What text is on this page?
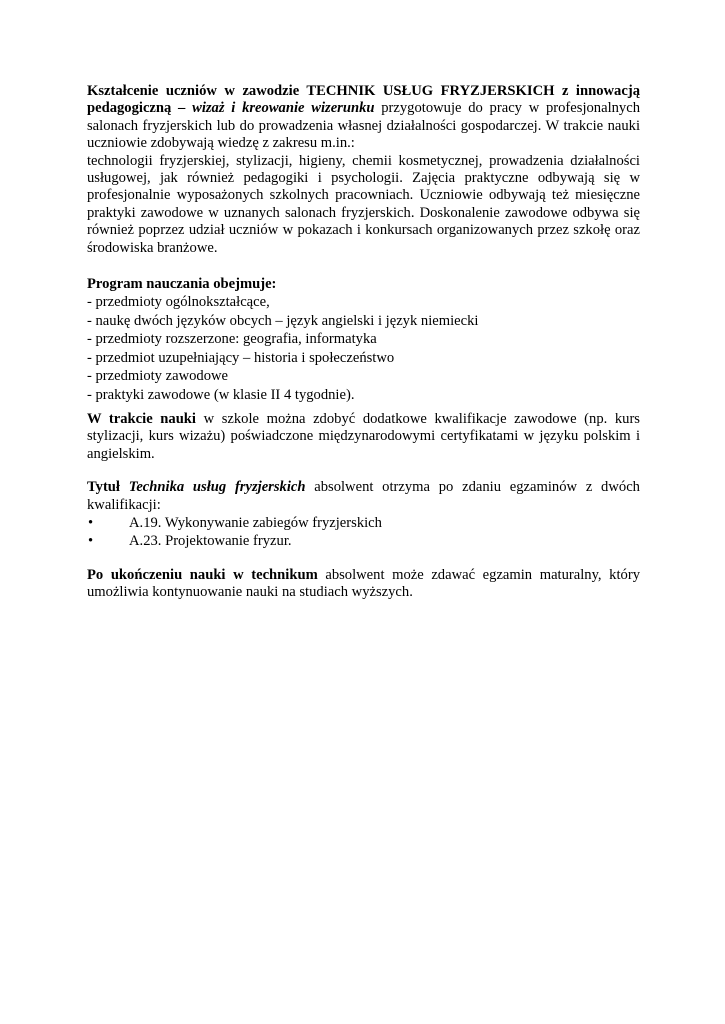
Kształcenie uczniów w zawodzie TECHNIK USŁUG FRYZJERSKICH z innowacją

pedagogiczną – wizaż i kreowanie wizerunku przygotowuje do pracy w profesjonalnych

salonach fryzjerskich lub do prowadzenia własnej działalności gospodarczej. W trakcie nauki

uczniowie zdobywają wiedzę z zakresu m.in.:

technologii fryzjerskiej, stylizacji, higieny, chemii kosmetycznej, prowadzenia działalności usługowej, jak również pedagogiki i psychologii. Zajęcia praktyczne odbywają się w profesjonalnie wyposażonych szkolnych pracowniach. Uczniowie odbywają też miesięczne praktyki zawodowe w uznanych salonach fryzjerskich. Doskonalenie zawodowe odbywa się również poprzez udział uczniów w pokazach i konkursach organizowanych przez szkołę oraz środowiska branżowe.

Program nauczania obejmuje:

- przedmioty ogólnokształcące,

- naukę dwóch języków obcych – język angielski i język niemiecki

- przedmioty rozszerzone: geografia, informatyka

- przedmiot uzupełniający – historia i społeczeństwo

- przedmioty zawodowe

- praktyki zawodowe (w klasie II 4 tygodnie).

W trakcie nauki w szkole można zdobyć dodatkowe kwalifikacje zawodowe (np. kurs stylizacji, kurs wizażu) poświadczone międzynarodowymi certyfikatami w języku polskim i angielskim.

Tytuł Technika usług fryzjerskich absolwent otrzyma po zdaniu egzaminów z dwóch kwalifikacji:

•	A.19. Wykonywanie zabiegów fryzjerskich
•	A.23. Projektowanie fryzur.

Po ukończeniu nauki w technikum absolwent może zdawać egzamin maturalny, który umożliwia kontynuowanie nauki na studiach wyższych.
